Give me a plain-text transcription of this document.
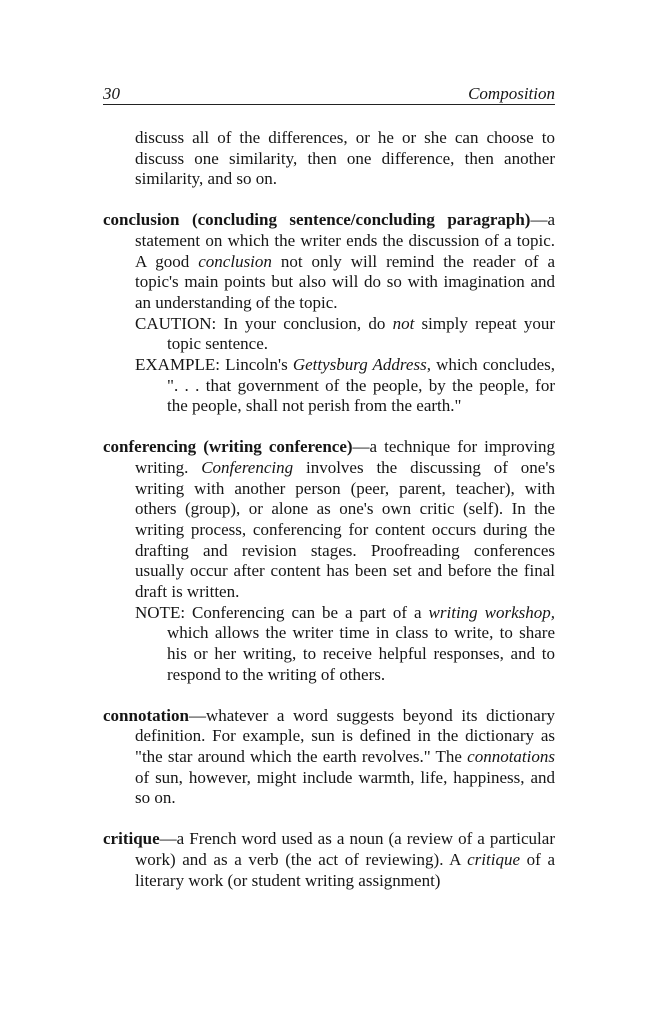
30	Composition

discuss all of the differences, or he or she can choose to discuss one similarity, then one difference, then another similarity, and so on.

conclusion (concluding sentence/concluding paragraph)—a statement on which the writer ends the discussion of a topic. A good conclusion not only will remind the reader of a topic's main points but also will do so with imagination and an understanding of the topic.

CAUTION: In your conclusion, do not simply repeat your topic sentence.

EXAMPLE: Lincoln's Gettysburg Address, which concludes, ". . . that government of the people, by the people, for the people, shall not perish from the earth."

conferencing (writing conference)—a technique for improving writing. Conferencing involves the discussing of one's writing with another person (peer, parent, teacher), with others (group), or alone as one's own critic (self). In the writing process, conferencing for content occurs during the drafting and revision stages. Proofreading conferences usually occur after content has been set and before the final draft is written.

NOTE: Conferencing can be a part of a writing workshop, which allows the writer time in class to write, to share his or her writing, to receive helpful responses, and to respond to the writing of others.

connotation—whatever a word suggests beyond its dictionary definition. For example, sun is defined in the dictionary as "the star around which the earth revolves." The connotations of sun, however, might include warmth, life, happiness, and so on.

critique—a French word used as a noun (a review of a particular work) and as a verb (the act of reviewing). A critique of a literary work (or student writing assignment)
